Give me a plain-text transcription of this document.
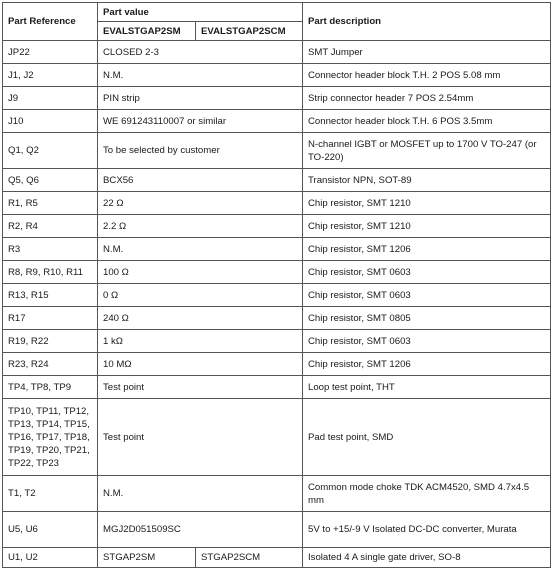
Part Reference	Part value		Part description
	EVALSTGAP2SM	EVALSTGAP2SCM	
JP22	CLOSED 2-3		SMT Jumper
J1, J2	N.M.		Connector header block T.H. 2 POS 5.08 mm
J9	PIN strip		Strip connector header 7 POS 2.54mm
J10	WE 691243110007 or similar		Connector header block T.H. 6 POS 3.5mm
Q1, Q2	To be selected by customer		N-channel IGBT or MOSFET up to 1700 V TO-247 (or TO-220)
Q5, Q6	BCX56		Transistor NPN, SOT-89
R1, R5	22 Ω		Chip resistor, SMT 1210
R2, R4	2.2 Ω		Chip resistor, SMT 1210
R3	N.M.		Chip resistor, SMT 1206
R8, R9, R10, R11	100 Ω		Chip resistor, SMT 0603
R13, R15	0 Ω		Chip resistor, SMT 0603
R17	240 Ω		Chip resistor, SMT 0805
R19, R22	1 kΩ		Chip resistor, SMT 0603
R23, R24	10 MΩ		Chip resistor, SMT 1206
TP4, TP8, TP9	Test point		Loop test point, THT
TP10, TP11, TP12, TP13, TP14, TP15, TP16, TP17, TP18, TP19, TP20, TP21, TP22, TP23	Test point		Pad test point, SMD
T1, T2	N.M.		Common mode choke TDK ACM4520, SMD 4.7x4.5 mm
U5, U6	MGJ2D051509SC		5V to +15/-9 V Isolated DC-DC converter, Murata
U1, U2	STGAP2SM	STGAP2SCM	Isolated 4 A single gate driver, SO-8
